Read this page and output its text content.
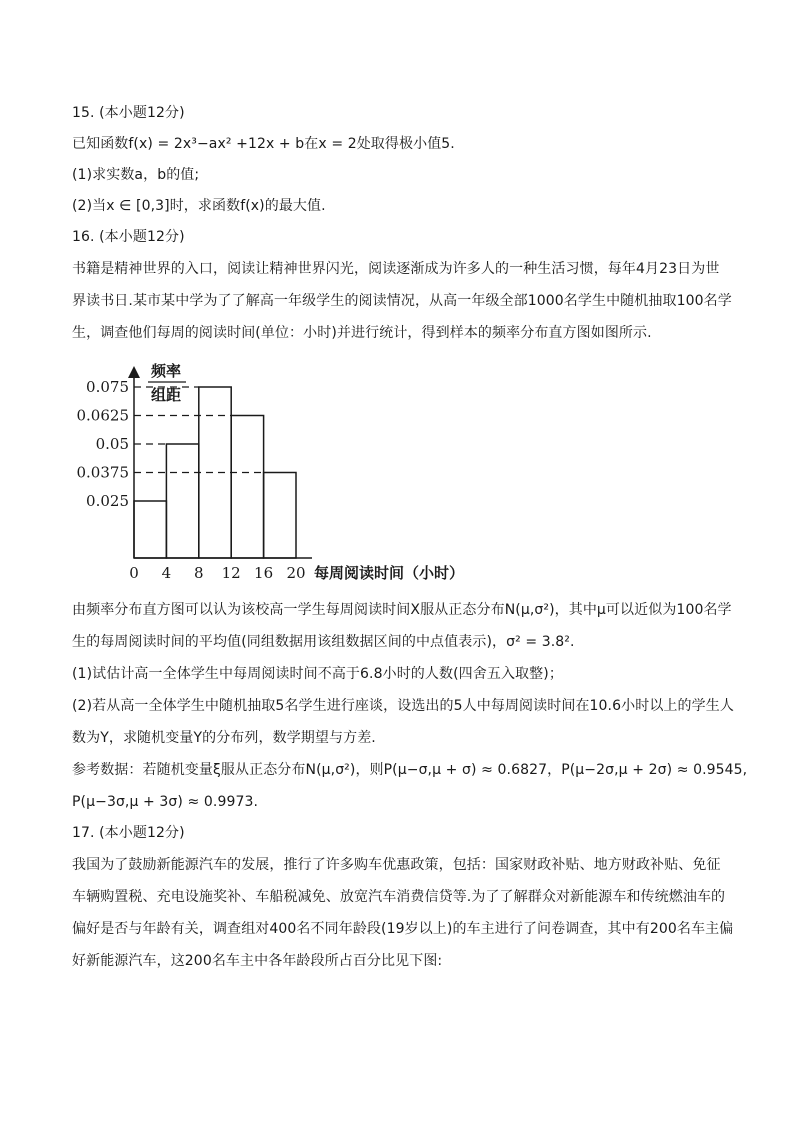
15. (本小题12分)
已知函数f(x) = 2x³−ax² +12x + b在x = 2处取得极小值5.
(1)求实数a，b的值;
(2)当x ∈ [0,3]时，求函数f(x)的最大值.
16. (本小题12分)
书籍是精神世界的入口，阅读让精神世界闪光，阅读逐渐成为许多人的一种生活习惯，每年4月23日为世
界读书日.某市某中学为了了解高一年级学生的阅读情况，从高一年级全部1000名学生中随机抽取100名学
生，调查他们每周的阅读时间(单位：小时)并进行统计，得到样本的频率分布直方图如图所示.
0.075
0.0625
0.05
0.0375
0.025
0 4 8 12 16 20 每周阅读时间（小时）
频率
组距
由频率分布直方图可以认为该校高一学生每周阅读时间X服从正态分布N(μ,σ²)，其中μ可以近似为100名学
生的每周阅读时间的平均值(同组数据用该组数据区间的中点值表示)，σ² = 3.8².
(1)试估计高一全体学生中每周阅读时间不高于6.8小时的人数(四舍五入取整)；
(2)若从高一全体学生中随机抽取5名学生进行座谈，设选出的5人中每周阅读时间在10.6小时以上的学生人
数为Y，求随机变量Y的分布列，数学期望与方差.
参考数据：若随机变量ξ服从正态分布N(μ,σ²)，则P(μ−σ,μ + σ) ≈ 0.6827，P(μ−2σ,μ + 2σ) ≈ 0.9545,
P(μ−3σ,μ + 3σ) ≈ 0.9973.
17. (本小题12分)
我国为了鼓励新能源汽车的发展，推行了许多购车优惠政策，包括：国家财政补贴、地方财政补贴、免征
车辆购置税、充电设施奖补、车船税减免、放宽汽车消费信贷等.为了了解群众对新能源车和传统燃油车的
偏好是否与年龄有关，调查组对400名不同年龄段(19岁以上)的车主进行了问卷调查，其中有200名车主偏
好新能源汽车，这200名车主中各年龄段所占百分比见下图:
